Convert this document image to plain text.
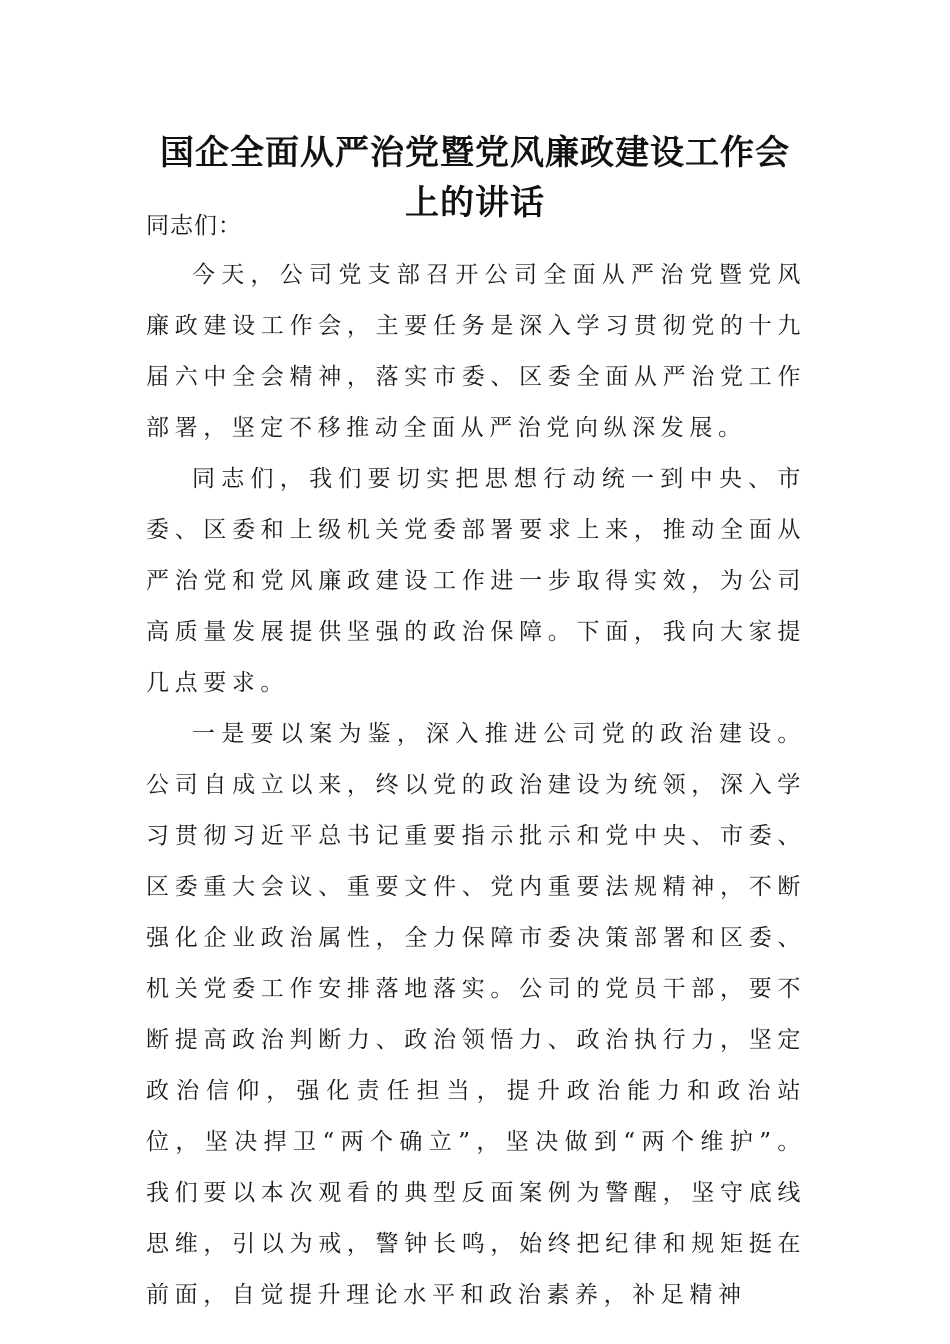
国企全面从严治党暨党风廉政建设工作会
上的讲话

同志们：

今天，公司党支部召开公司全面从严治党暨党风廉政建设工作会，主要任务是深入学习贯彻党的十九届六中全会精神，落实市委、区委全面从严治党工作部署，坚定不移推动全面从严治党向纵深发展。

同志们，我们要切实把思想行动统一到中央、市委、区委和上级机关党委部署要求上来，推动全面从严治党和党风廉政建设工作进一步取得实效，为公司高质量发展提供坚强的政治保障。下面，我向大家提几点要求。

一是要以案为鉴，深入推进公司党的政治建设。公司自成立以来，终以党的政治建设为统领，深入学习贯彻习近平总书记重要指示批示和党中央、市委、区委重大会议、重要文件、党内重要法规精神，不断强化企业政治属性，全力保障市委决策部署和区委、机关党委工作安排落地落实。公司的党员干部，要不断提高政治判断力、政治领悟力、政治执行力，坚定政治信仰，强化责任担当，提升政治能力和政治站位，坚决捍卫“两个确立”，坚决做到“两个维护”。我们要以本次观看的典型反面案例为警醒，坚守底线思维，引以为戒，警钟长鸣，始终把纪律和规矩挺在前面，自觉提升理论水平和政治素养，补足精神
